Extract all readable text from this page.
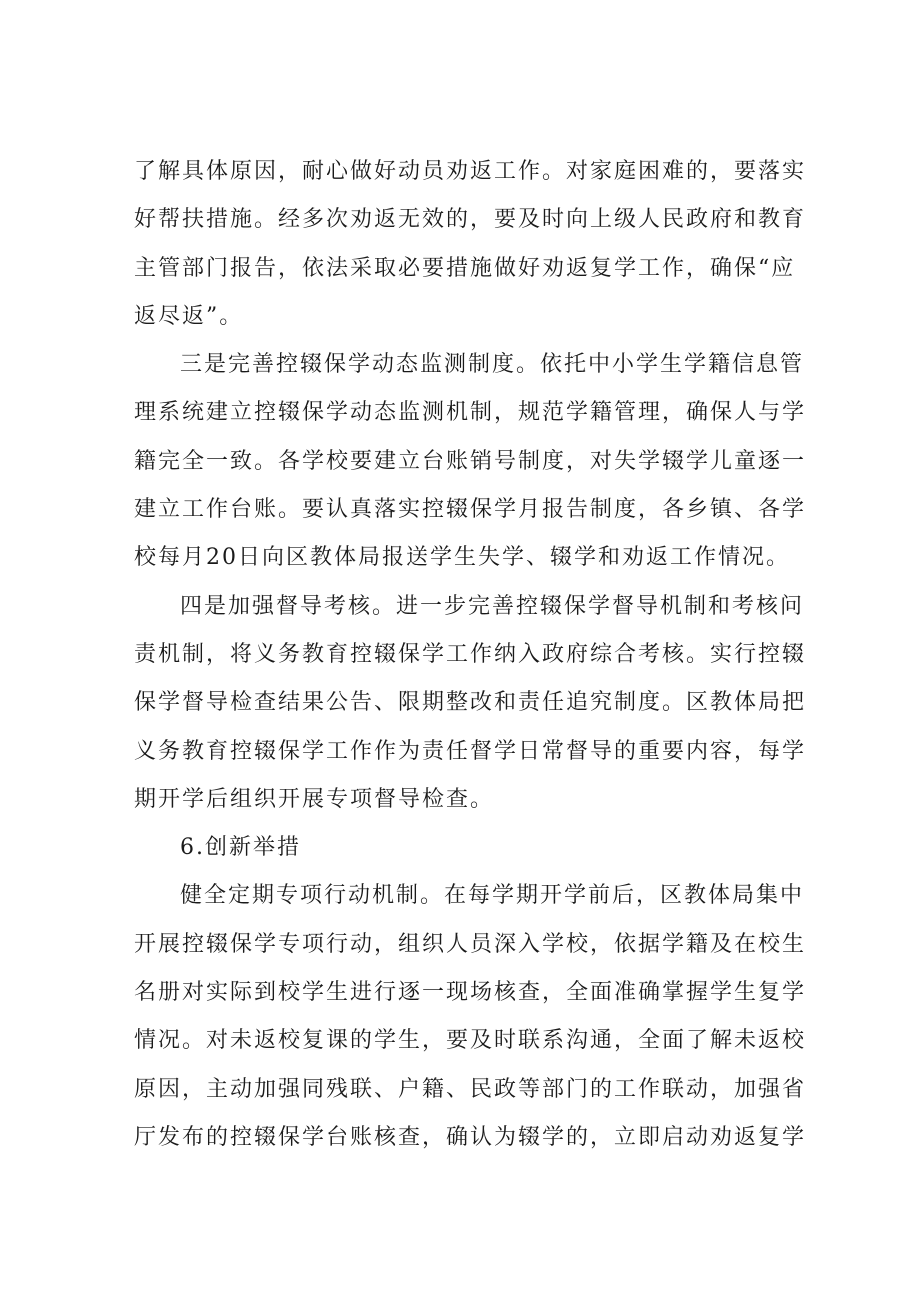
了解具体原因，耐心做好动员劝返工作。对家庭困难的，要落实
好帮扶措施。经多次劝返无效的，要及时向上级人民政府和教育
主管部门报告，依法采取必要措施做好劝返复学工作，确保“应
返尽返”。
三是完善控辍保学动态监测制度。依托中小学生学籍信息管
理系统建立控辍保学动态监测机制，规范学籍管理，确保人与学
籍完全一致。各学校要建立台账销号制度，对失学辍学儿童逐一
建立工作台账。要认真落实控辍保学月报告制度，各乡镇、各学
校每月20日向区教体局报送学生失学、辍学和劝返工作情况。
四是加强督导考核。进一步完善控辍保学督导机制和考核问
责机制，将义务教育控辍保学工作纳入政府综合考核。实行控辍
保学督导检查结果公告、限期整改和责任追究制度。区教体局把
义务教育控辍保学工作作为责任督学日常督导的重要内容，每学
期开学后组织开展专项督导检查。
6.创新举措
健全定期专项行动机制。在每学期开学前后，区教体局集中
开展控辍保学专项行动，组织人员深入学校，依据学籍及在校生
名册对实际到校学生进行逐一现场核查，全面准确掌握学生复学
情况。对未返校复课的学生，要及时联系沟通，全面了解未返校
原因，主动加强同残联、户籍、民政等部门的工作联动，加强省
厅发布的控辍保学台账核查，确认为辍学的，立即启动劝返复学
